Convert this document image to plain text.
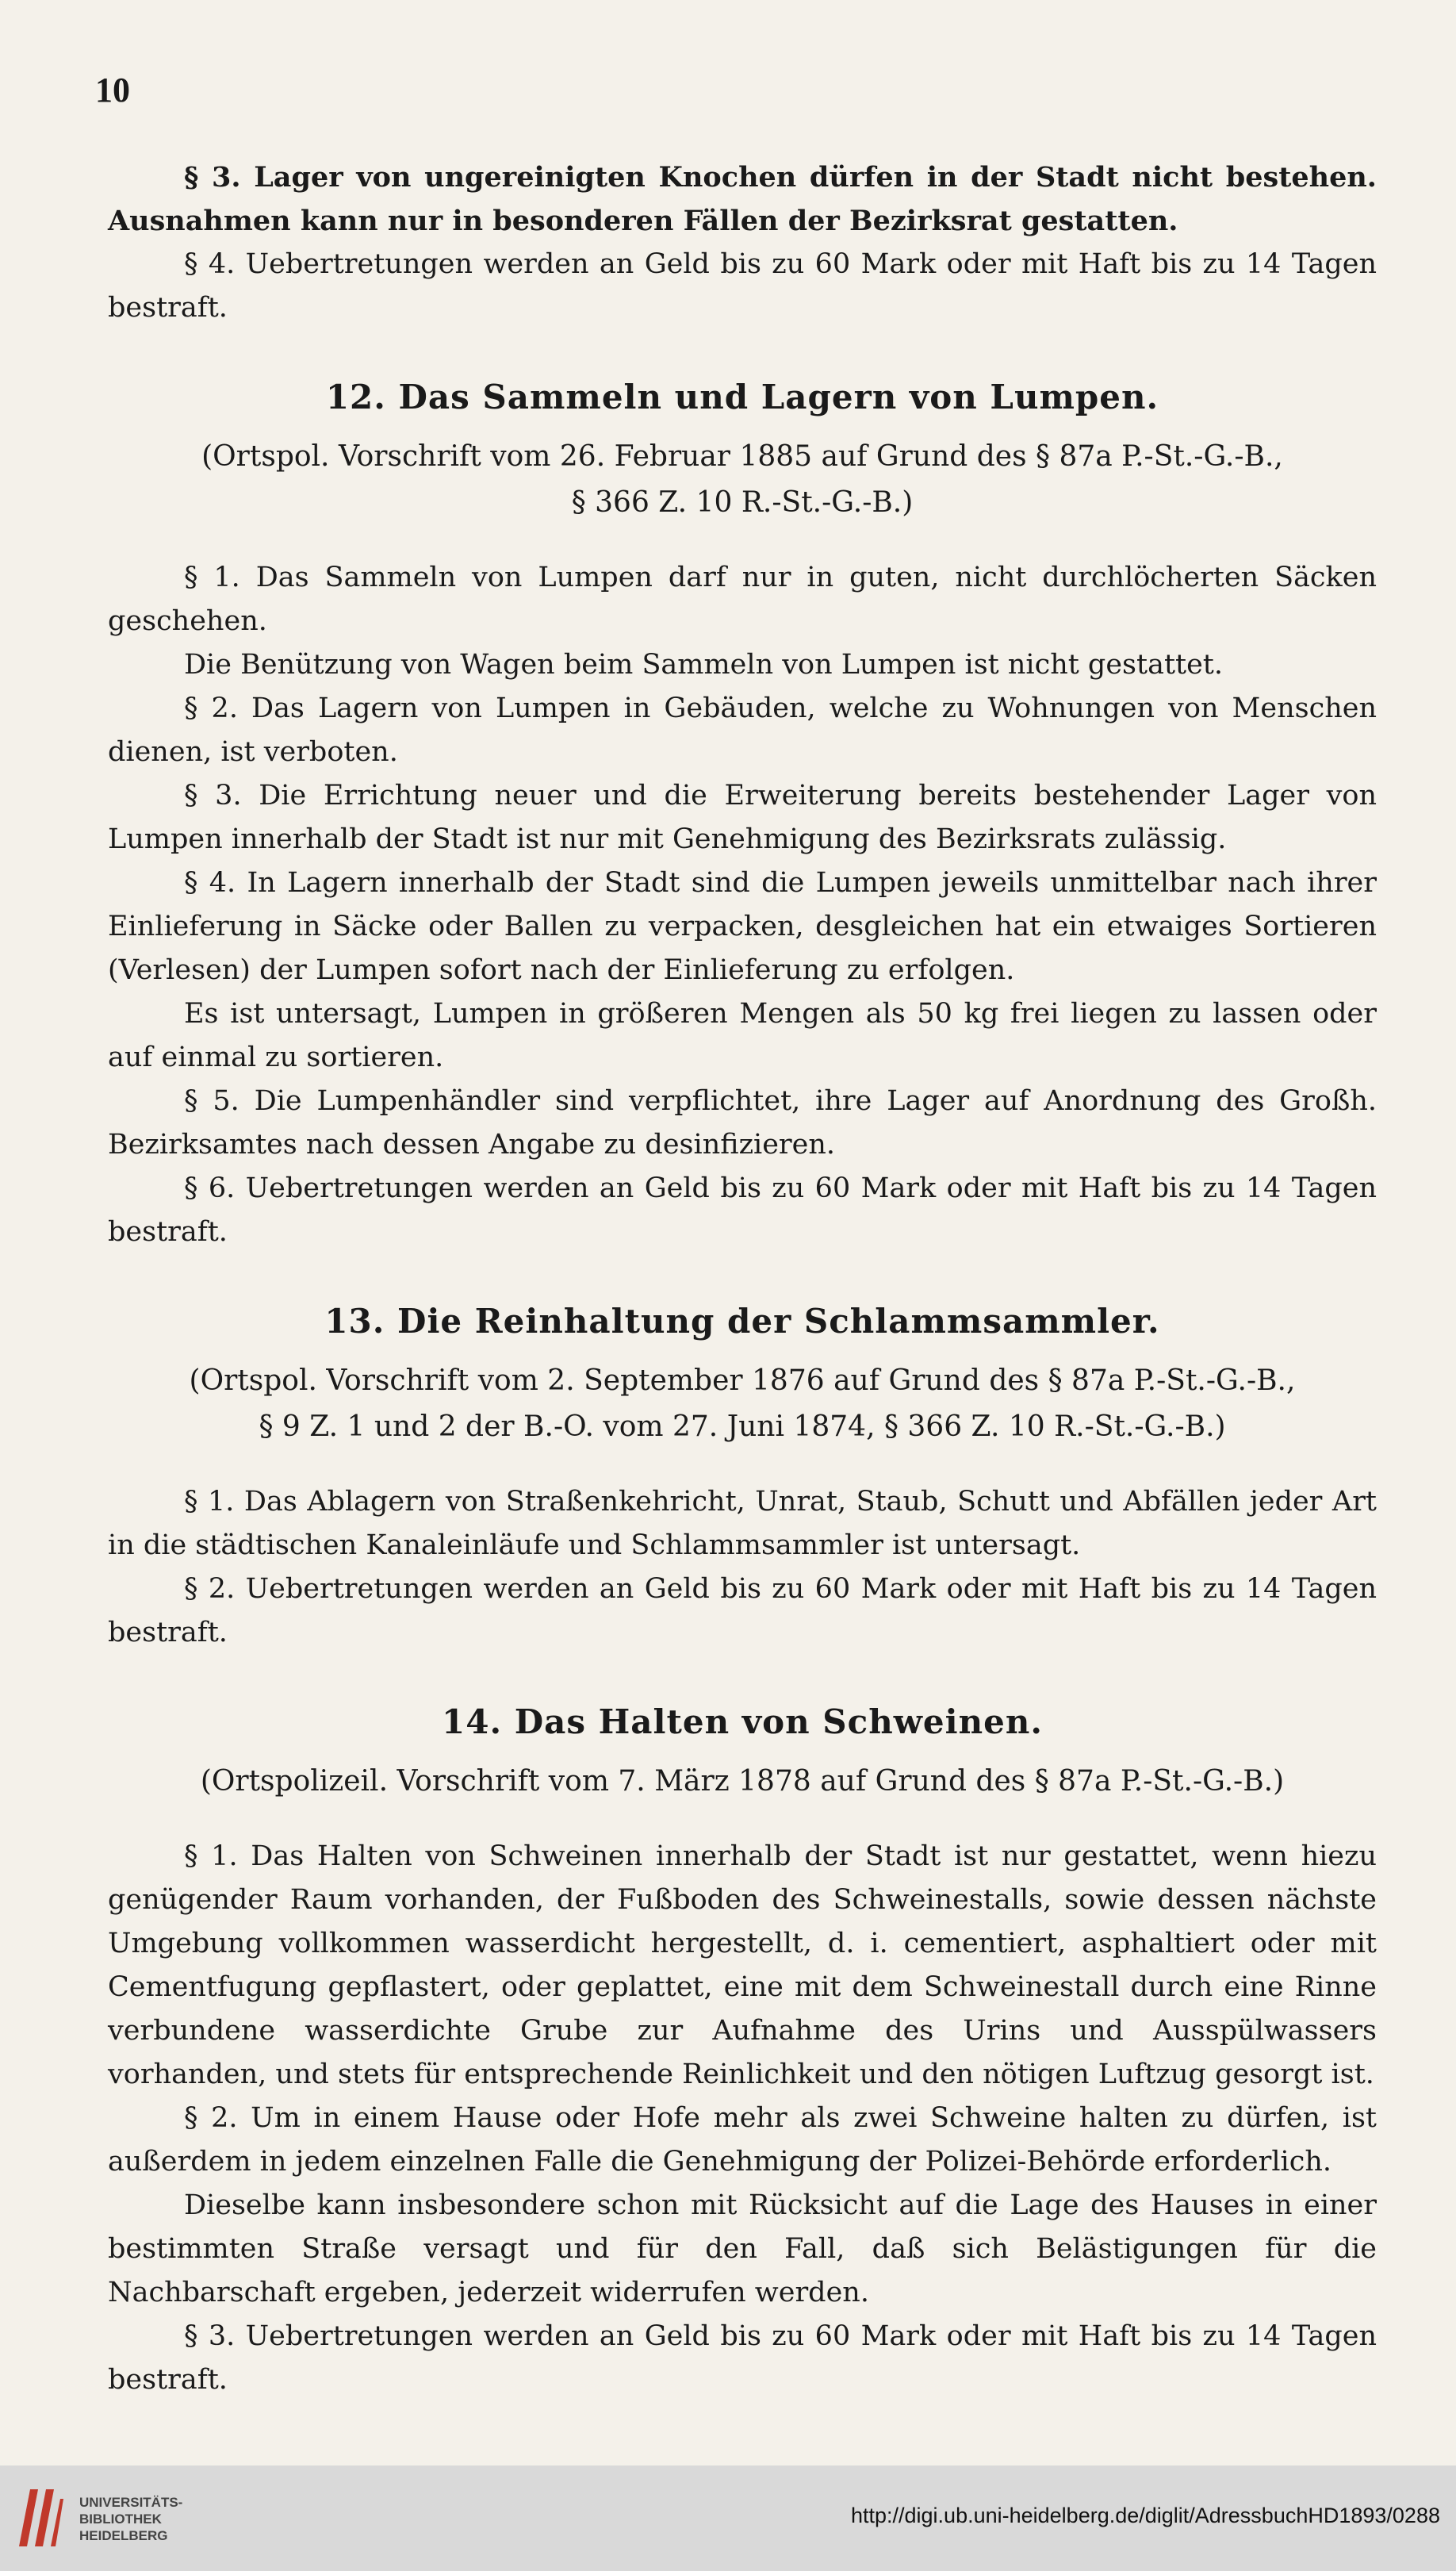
10

§ 3. Lager von ungereinigten Knochen dürfen in der Stadt nicht bestehen. Ausnahmen kann nur in besonderen Fällen der Bezirksrat gestatten.

§ 4. Uebertretungen werden an Geld bis zu 60 Mark oder mit Haft bis zu 14 Tagen bestraft.

12. Das Sammeln und Lagern von Lumpen.

(Ortspol. Vorschrift vom 26. Februar 1885 auf Grund des § 87a P.-St.-G.-B.,

§ 366 Z. 10 R.-St.-G.-B.)

§ 1. Das Sammeln von Lumpen darf nur in guten, nicht durchlöcherten Säcken geschehen.

Die Benützung von Wagen beim Sammeln von Lumpen ist nicht gestattet.

§ 2. Das Lagern von Lumpen in Gebäuden, welche zu Wohnungen von Menschen dienen, ist verboten.

§ 3. Die Errichtung neuer und die Erweiterung bereits bestehender Lager von Lumpen innerhalb der Stadt ist nur mit Genehmigung des Bezirksrats zulässig.

§ 4. In Lagern innerhalb der Stadt sind die Lumpen jeweils unmittelbar nach ihrer Einlieferung in Säcke oder Ballen zu verpacken, desgleichen hat ein etwaiges Sortieren (Verlesen) der Lumpen sofort nach der Einlieferung zu erfolgen.

Es ist untersagt, Lumpen in größeren Mengen als 50 kg frei liegen zu lassen oder auf einmal zu sortieren.

§ 5. Die Lumpenhändler sind verpflichtet, ihre Lager auf Anordnung des Großh. Bezirksamtes nach dessen Angabe zu desinfizieren.

§ 6. Uebertretungen werden an Geld bis zu 60 Mark oder mit Haft bis zu 14 Tagen bestraft.

13. Die Reinhaltung der Schlammsammler.

(Ortspol. Vorschrift vom 2. September 1876 auf Grund des § 87a P.-St.-G.-B.,

§ 9 Z. 1 und 2 der B.-O. vom 27. Juni 1874, § 366 Z. 10 R.-St.-G.-B.)

§ 1. Das Ablagern von Straßenkehricht, Unrat, Staub, Schutt und Abfällen jeder Art in die städtischen Kanaleinläufe und Schlammsammler ist untersagt.

§ 2. Uebertretungen werden an Geld bis zu 60 Mark oder mit Haft bis zu 14 Tagen bestraft.

14. Das Halten von Schweinen.

(Ortspolizeil. Vorschrift vom 7. März 1878 auf Grund des § 87a P.-St.-G.-B.)

§ 1. Das Halten von Schweinen innerhalb der Stadt ist nur gestattet, wenn hiezu genügender Raum vorhanden, der Fußboden des Schweinestalls, sowie dessen nächste Umgebung vollkommen wasserdicht hergestellt, d. i. cementiert, asphaltiert oder mit Cementfugung gepflastert, oder geplattet, eine mit dem Schweinestall durch eine Rinne verbundene wasserdichte Grube zur Aufnahme des Urins und Ausspülwassers vorhanden, und stets für entsprechende Reinlichkeit und den nötigen Luftzug gesorgt ist.

§ 2. Um in einem Hause oder Hofe mehr als zwei Schweine halten zu dürfen, ist außerdem in jedem einzelnen Falle die Genehmigung der Polizei-Behörde erforderlich.

Dieselbe kann insbesondere schon mit Rücksicht auf die Lage des Hauses in einer bestimmten Straße versagt und für den Fall, daß sich Belästigungen für die Nachbarschaft ergeben, jederzeit widerrufen werden.

§ 3. Uebertretungen werden an Geld bis zu 60 Mark oder mit Haft bis zu 14 Tagen bestraft.

UNIVERSITÄTS-
BIBLIOTHEK
HEIDELBERG
http://digi.ub.uni-heidelberg.de/diglit/AdressbuchHD1893/0288
